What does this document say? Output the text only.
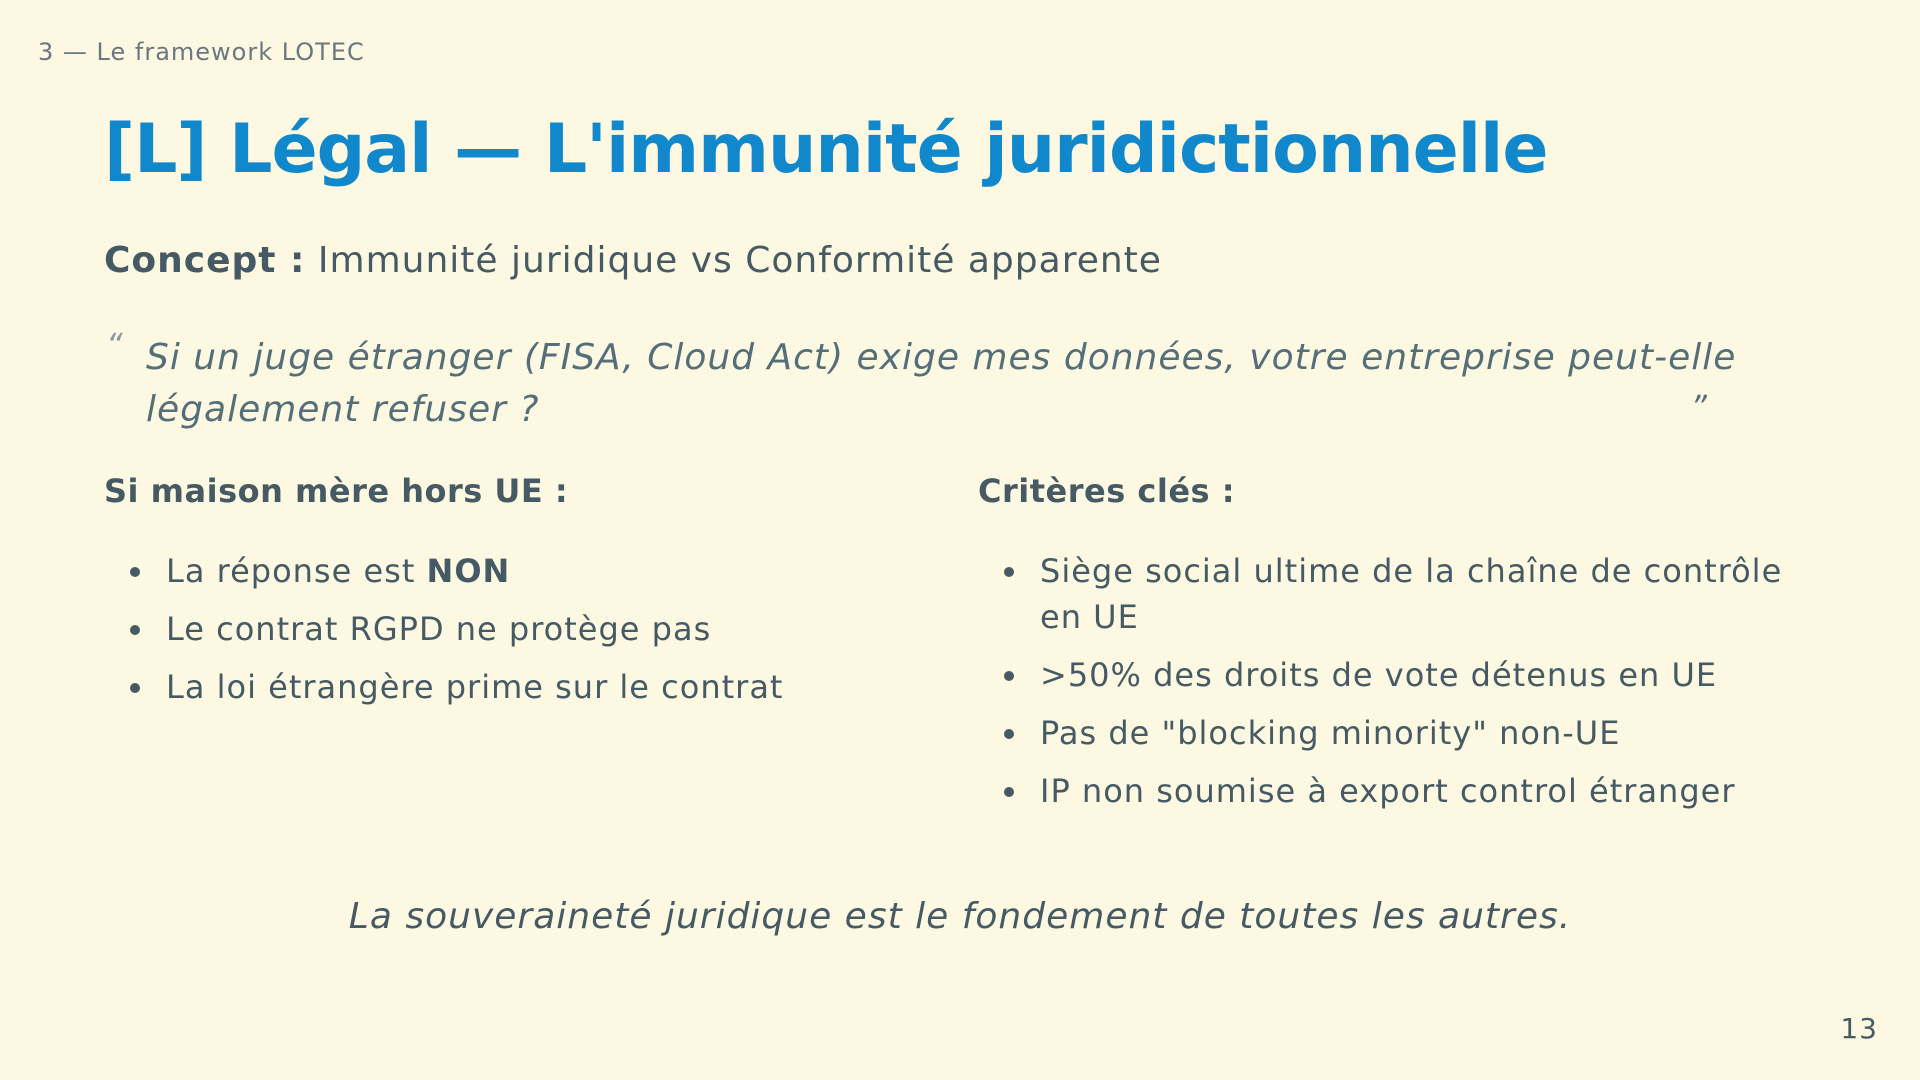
3 — Le framework LOTEC
[L] Légal — L'immunité juridictionnelle
Concept : Immunité juridique vs Conformité apparente
“ Si un juge étranger (FISA, Cloud Act) exige mes données, votre entreprise peut-elle légalement refuser ?	”
Si maison mère hors UE :
La réponse est NON
Le contrat RGPD ne protège pas
La loi étrangère prime sur le contrat
Critères clés :
Siège social ultime de la chaîne de contrôle en UE
>50% des droits de vote détenus en UE
Pas de "blocking minority" non-UE
IP non soumise à export control étranger
La souveraineté juridique est le fondement de toutes les autres.
13
